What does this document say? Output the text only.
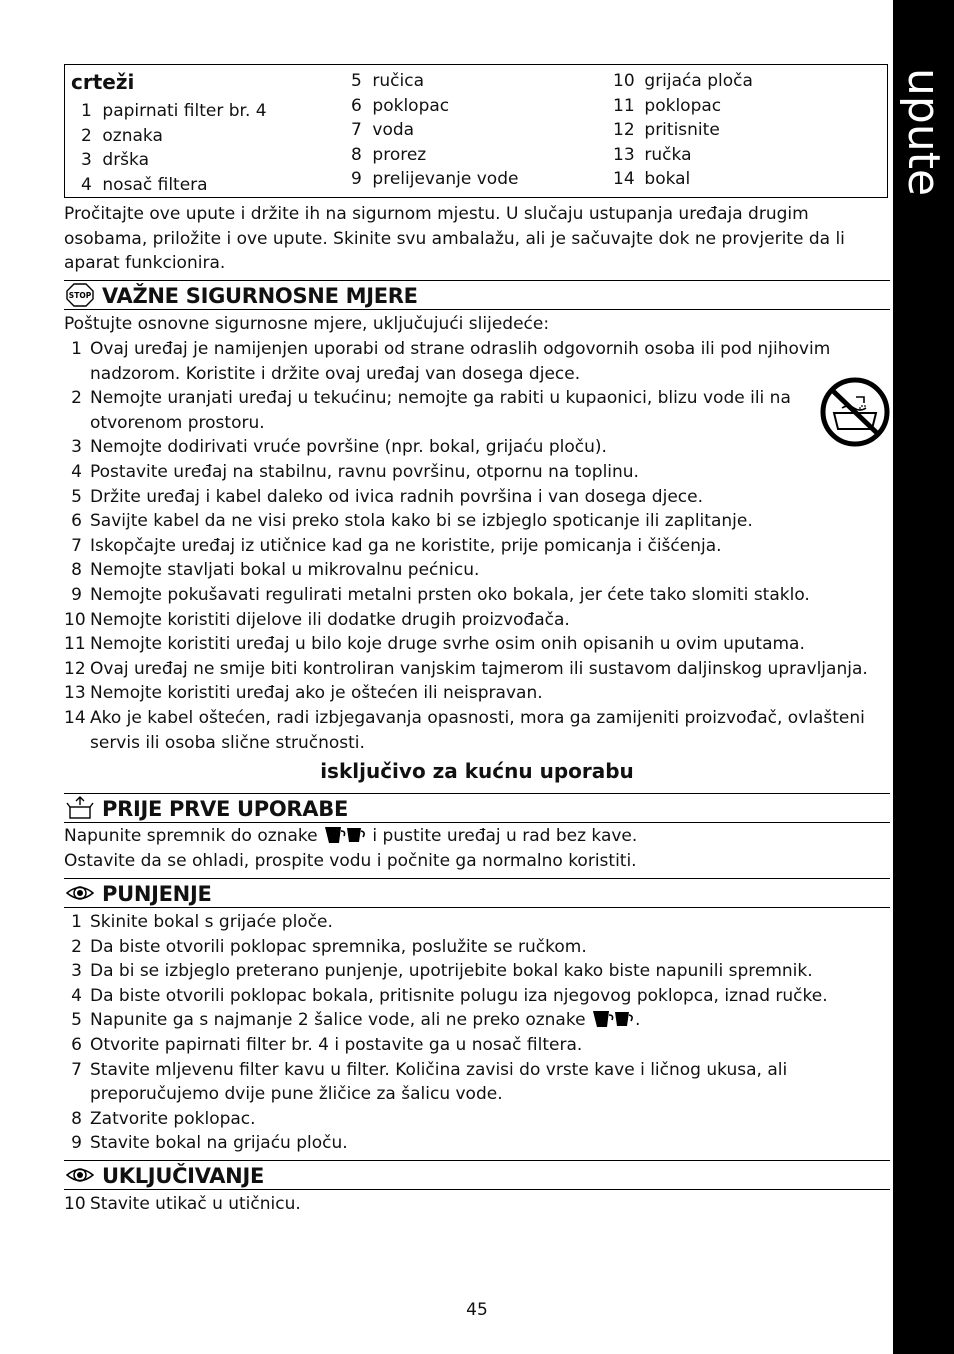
upute
crteži
1 papirnati filter br. 4
2 oznaka
3 drška
4 nosač filtera
5 ručica
6 poklopac
7 voda
8 prorez
9 prelijevanje vode
10 grijaća ploča
11 poklopac
12 pritisnite
13 ručka
14 bokal
Pročitajte ove upute i držite ih na sigurnom mjestu. U slučaju ustupanja uređaja drugim osobama, priložite i ove upute. Skinite svu ambalažu, ali je sačuvajte dok ne provjerite da li aparat funkcionira.
STOP VAŽNE SIGURNOSNE MJERE
Poštujte osnovne sigurnosne mjere, uključujući slijedeće:
1 Ovaj uređaj je namijenjen uporabi od strane odraslih odgovornih osoba ili pod njihovim
nadzorom. Koristite i držite ovaj uređaj van dosega djece.
2 Nemojte uranjati uređaj u tekućinu; nemojte ga rabiti u kupaonici, blizu vode ili na
otvorenom prostoru.
3 Nemojte dodirivati vruće površine (npr. bokal, grijaću ploču).
4 Postavite uređaj na stabilnu, ravnu površinu, otpornu na toplinu.
5 Držite uređaj i kabel daleko od ivica radnih površina i van dosega djece.
6 Savijte kabel da ne visi preko stola kako bi se izbjeglo spoticanje ili zaplitanje.
7 Iskopčajte uređaj iz utičnice kad ga ne koristite, prije pomicanja i čišćenja.
8 Nemojte stavljati bokal u mikrovalnu pećnicu.
9 Nemojte pokušavati regulirati metalni prsten oko bokala, jer ćete tako slomiti staklo.
10 Nemojte koristiti dijelove ili dodatke drugih proizvođača.
11 Nemojte koristiti uređaj u bilo koje druge svrhe osim onih opisanih u ovim uputama.
12 Ovaj uređaj ne smije biti kontroliran vanjskim tajmerom ili sustavom daljinskog upravljanja.
13 Nemojte koristiti uređaj ako je oštećen ili neispravan.
14 Ako je kabel oštećen, radi izbjegavanja opasnosti, mora ga zamijeniti proizvođač, ovlašteni
servis ili osoba slične stručnosti.
isključivo za kućnu uporabu
PRIJE PRVE UPORABE
Napunite spremnik do oznake	i pustite uređaj u rad bez kave.
Ostavite da se ohladi, prospite vodu i počnite ga normalno koristiti.
PUNJENJE
1 Skinite bokal s grijaće ploče.
2 Da biste otvorili poklopac spremnika, poslužite se ručkom.
3 Da bi se izbjeglo preterano punjenje, upotrijebite bokal kako biste napunili spremnik.
4 Da biste otvorili poklopac bokala, pritisnite polugu iza njegovog poklopca, iznad ručke.
5 Napunite ga s najmanje 2 šalice vode, ali ne preko oznake	.
6 Otvorite papirnati filter br. 4 i postavite ga u nosač filtera.
7 Stavite mljevenu filter kavu u filter. Količina zavisi do vrste kave i ličnog ukusa, ali
preporučujemo dvije pune žličice za šalicu vode.
8 Zatvorite poklopac.
9 Stavite bokal na grijaću ploču.
UKLJUČIVANJE
10 Stavite utikač u utičnicu.
45
